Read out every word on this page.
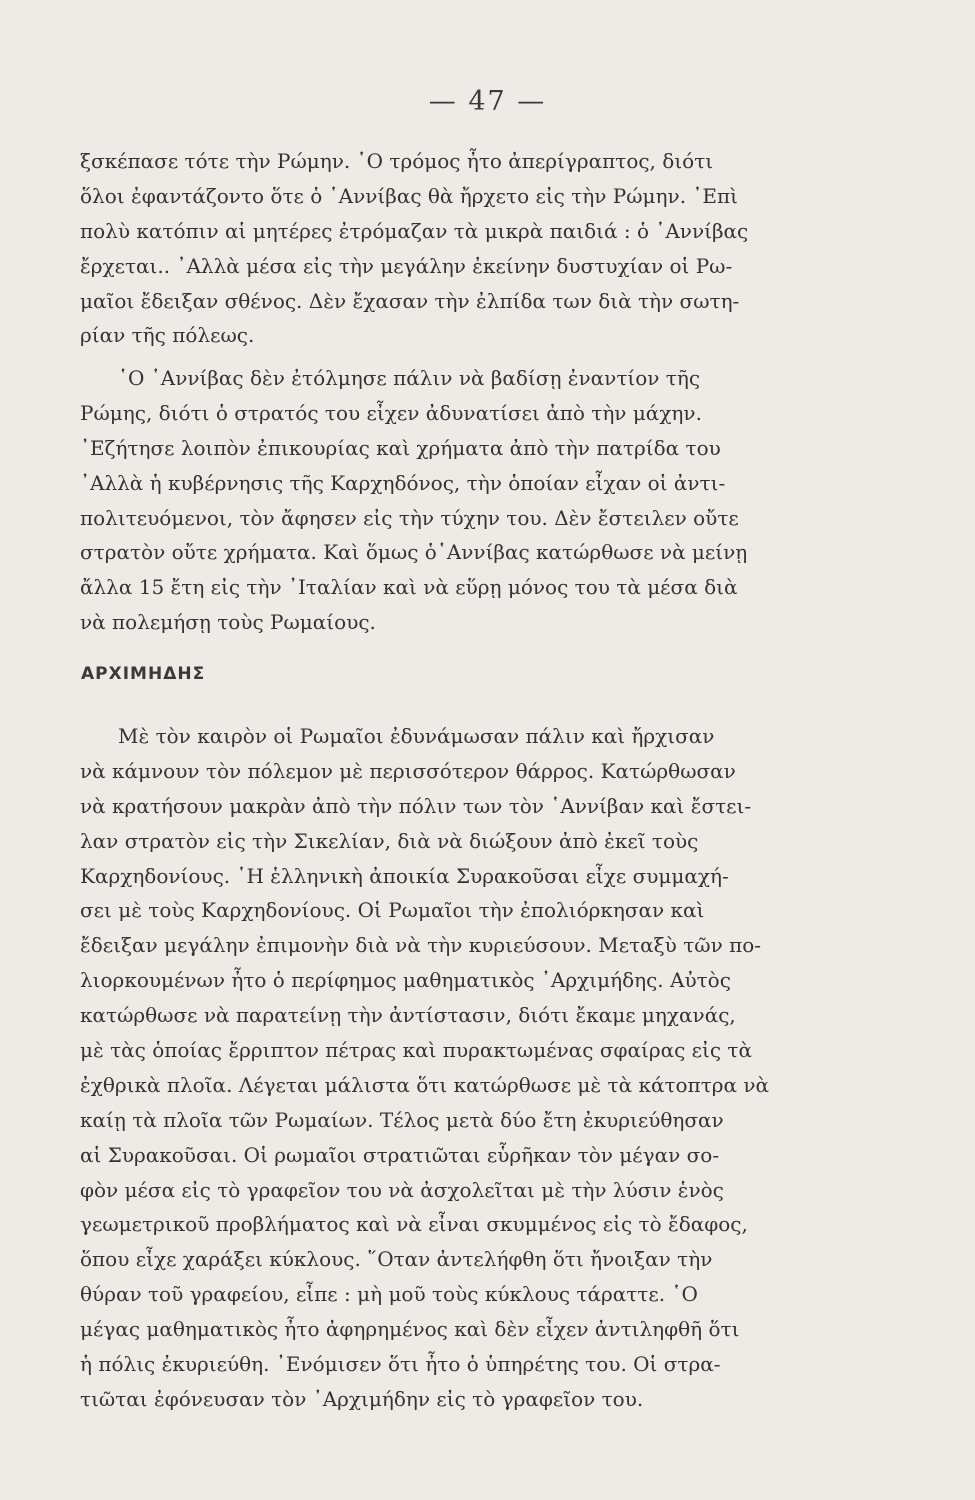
— 47 —
ξσκέπασε τότε τὴν Ρώμην. ῾Ο τρόμος ἦτο ἀπερίγραπτος, διότι
ὅλοι ἐφαντάζοντο ὅτε ὁ ῾Αννίβας θὰ ἤρχετο εἰς τὴν Ρώμην. ᾿Επὶ
πολὺ κατόπιν αἱ μητέρες ἐτρόμαζαν τὰ μικρὰ παιδιά : ὁ ῾Αννίβας
ἔρχεται.. ᾿Αλλὰ μέσα εἰς τὴν μεγάλην ἐκείνην δυστυχίαν οἱ Ρω-
μαῖοι ἔδειξαν σθένος. Δὲν ἔχασαν τὴν ἐλπίδα των διὰ τὴν σωτη-
ρίαν τῆς πόλεως.
῾Ο ῾Αννίβας δὲν ἐτόλμησε πάλιν νὰ βαδίσῃ ἐναντίον τῆς
Ρώμης, διότι ὁ στρατός του εἶχεν ἀδυνατίσει ἀπὸ τὴν μάχην.
᾿Εζήτησε λοιπὸν ἐπικουρίας καὶ χρήματα ἀπὸ τὴν πατρίδα του
᾿Αλλὰ ἡ κυβέρνησις τῆς Καρχηδόνος, τὴν ὁποίαν εἶχαν οἱ ἀντι-
πολιτευόμενοι, τὸν ἄφησεν εἰς τὴν τύχην του. Δὲν ἔστειλεν οὔτε
στρατὸν οὔτε χρήματα. Καὶ ὅμως ὁ῾Αννίβας κατώρθωσε νὰ μείνῃ
ἄλλα 15 ἔτη εἰς τὴν ᾿Ιταλίαν καὶ νὰ εὕρῃ μόνος του τὰ μέσα διὰ
νὰ πολεμήσῃ τοὺς Ρωμαίους.
ΑΡΧΙΜΗΔΗΣ
Μὲ τὸν καιρὸν οἱ Ρωμαῖοι ἐδυνάμωσαν πάλιν καὶ ἤρχισαν
νὰ κάμνουν τὸν πόλεμον μὲ περισσότερον θάρρος. Κατώρθωσαν
νὰ κρατήσουν μακρὰν ἀπὸ τὴν πόλιν των τὸν ῾Αννίβαν καὶ ἔστει-
λαν στρατὸν εἰς τὴν Σικελίαν, διὰ νὰ διώξουν ἀπὸ ἐκεῖ τοὺς
Καρχηδονίους. ῾Η ἑλληνικὴ ἀποικία Συρακοῦσαι εἶχε συμμαχή-
σει μὲ τοὺς Καρχηδονίους. Οἱ Ρωμαῖοι τὴν ἐπολιόρκησαν καὶ
ἔδειξαν μεγάλην ἐπιμονὴν διὰ νὰ τὴν κυριεύσουν. Μεταξὺ τῶν πο-
λιορκουμένων ἦτο ὁ περίφημος μαθηματικὸς ᾿Αρχιμήδης. Αὐτὸς
κατώρθωσε νὰ παρατείνῃ τὴν ἀντίστασιν, διότι ἔκαμε μηχανάς,
μὲ τὰς ὁποίας ἔρριπτον πέτρας καὶ πυρακτωμένας σφαίρας εἰς τὰ
ἐχθρικὰ πλοῖα. Λέγεται μάλιστα ὅτι κατώρθωσε μὲ τὰ κάτοπτρα νὰ
καίῃ τὰ πλοῖα τῶν Ρωμαίων. Τέλος μετὰ δύο ἔτη ἐκυριεύθησαν
αἱ Συρακοῦσαι. Οἱ ρωμαῖοι στρατιῶται εὗρῆκαν τὸν μέγαν σο-
φὸν μέσα εἰς τὸ γραφεῖον του νὰ ἀσχολεῖται μὲ τὴν λύσιν ἑνὸς
γεωμετρικοῦ προβλήματος καὶ νὰ εἶναι σκυμμένος εἰς τὸ ἔδαφος,
ὅπου εἶχε χαράξει κύκλους. ῞Οταν ἀντελήφθη ὅτι ἤνοιξαν τὴν
θύραν τοῦ γραφείου, εἶπε : μὴ μοῦ τοὺς κύκλους τάραττε. ῾Ο
μέγας μαθηματικὸς ἦτο ἀφηρημένος καὶ δὲν εἶχεν ἀντιληφθῆ ὅτι
ἡ πόλις ἐκυριεύθη. ᾿Ενόμισεν ὅτι ἦτο ὁ ὑπηρέτης του. Οἱ στρα-
τιῶται ἐφόνευσαν τὸν ᾿Αρχιμήδην εἰς τὸ γραφεῖον του.
